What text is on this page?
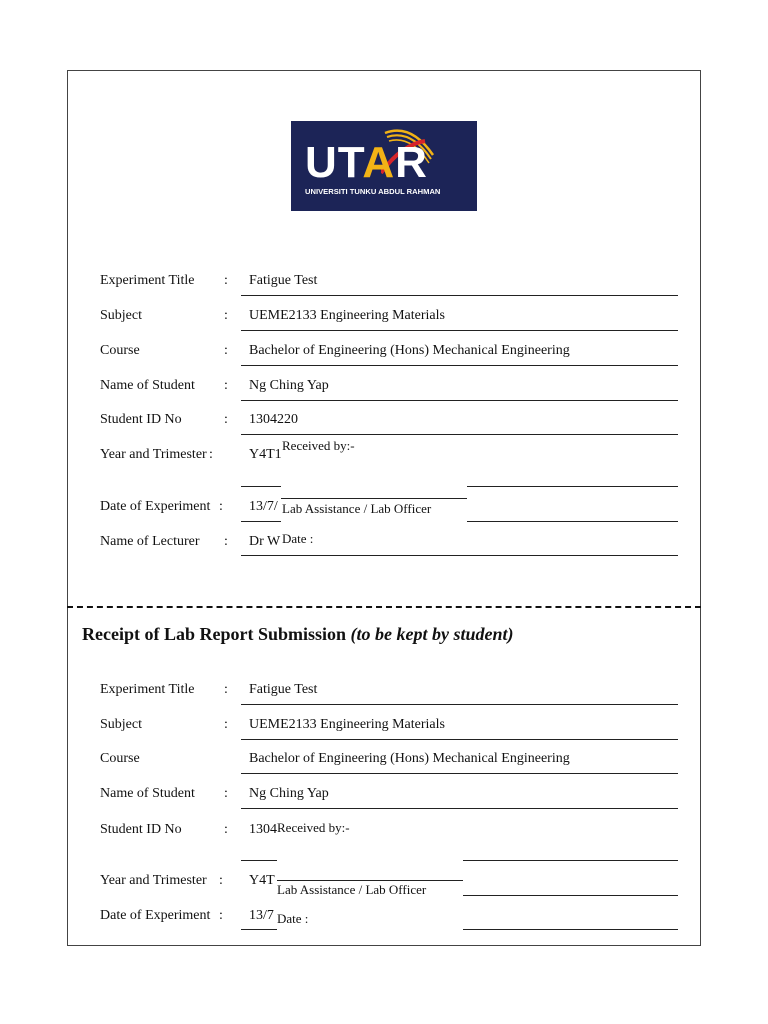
UTAR
UNIVERSITI TUNKU ABDUL RAHMAN
Experiment Title
Subject
Course
Name of Student
Student ID No
Year and Trimester
Date of Experiment
Name of Lecturer
:
:
:
:
:
:
:
:
Fatigue Test
UEME2133 Engineering Materials
Bachelor of Engineering (Hons) Mechanical Engineering
Ng Ching Yap
1304220
Y4T1
13/7/
Dr W
Received by:-
Lab Assistance / Lab Officer
Date :
Receipt of Lab Report Submission (to be kept by student)
Experiment Title
Subject
Course
Name of Student
Student ID No
Year and Trimester
Date of Experiment
:
:
:
:
:
:
Fatigue Test
UEME2133 Engineering Materials
Bachelor of Engineering (Hons) Mechanical Engineering
Ng Ching Yap
1304
Y4T
13/7
Received by:-
Lab Assistance / Lab Officer
Date :
